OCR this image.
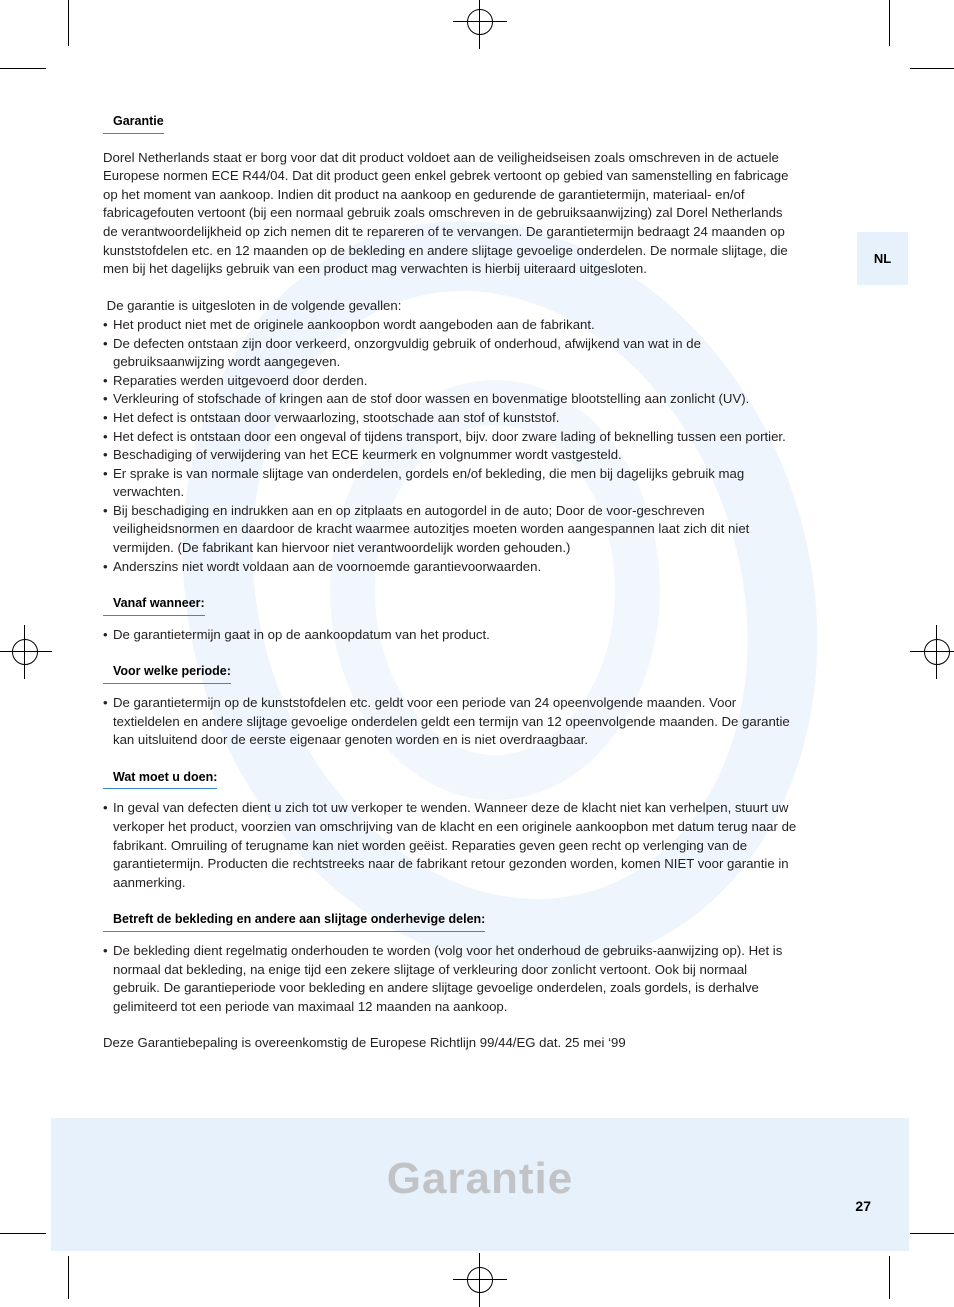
NL
Garantie
Dorel Netherlands staat er borg voor dat dit product voldoet aan de veiligheidseisen zoals omschreven in de actuele
Europese normen ECE R44/04. Dat dit product geen enkel gebrek vertoont op gebied van samenstelling en fabricage
op het moment van aankoop. Indien dit product na aankoop en gedurende de garantietermijn, materiaal- en/of
fabricagefouten vertoont (bij een normaal gebruik zoals omschreven in de gebruiksaanwijzing) zal Dorel Netherlands
de verantwoordelijkheid op zich nemen dit te repareren of te vervangen. De garantietermijn bedraagt 24 maanden op
kunststofdelen etc. en 12 maanden op de bekleding en andere slijtage gevoelige onderdelen. De normale slijtage, die
men bij het dagelijks gebruik van een product mag verwachten is hierbij uiteraard uitgesloten.
De garantie is uitgesloten in de volgende gevallen:
• Het product niet met de originele aankoopbon wordt aangeboden aan de fabrikant.
• De defecten ontstaan zijn door verkeerd, onzorgvuldig gebruik of onderhoud, afwijkend van wat in de
gebruiksaanwijzing wordt aangegeven.
• Reparaties werden uitgevoerd door derden.
• Verkleuring of stofschade of kringen aan de stof door wassen en bovenmatige blootstelling aan zonlicht (UV).
• Het defect is ontstaan door verwaarlozing, stootschade aan stof of kunststof.
• Het defect is ontstaan door een ongeval of tijdens transport, bijv. door zware lading of beknelling tussen een portier.
• Beschadiging of verwijdering van het ECE keurmerk en volgnummer wordt vastgesteld.
• Er sprake is van normale slijtage van onderdelen, gordels en/of bekleding, die men bij dagelijks gebruik mag
verwachten.
• Bij beschadiging en indrukken aan en op zitplaats en autogordel in de auto; Door de voor-geschreven
veiligheidsnormen en daardoor de kracht waarmee autozitjes moeten worden aangespannen laat zich dit niet
vermijden. (De fabrikant kan hiervoor niet verantwoordelijk worden gehouden.)
• Anderszins niet wordt voldaan aan de voornoemde garantievoorwaarden.
Vanaf wanneer:
• De garantietermijn gaat in op de aankoopdatum van het product.
Voor welke periode:
• De garantietermijn op de kunststofdelen etc. geldt voor een periode van 24 opeenvolgende maanden. Voor
textieldelen en andere slijtage gevoelige onderdelen geldt een termijn van 12 opeenvolgende maanden. De garantie
kan uitsluitend door de eerste eigenaar genoten worden en is niet overdraagbaar.
Wat moet u doen:
• In geval van defecten dient u zich tot uw verkoper te wenden. Wanneer deze de klacht niet kan verhelpen, stuurt uw
verkoper het product, voorzien van omschrijving van de klacht en een originele aankoopbon met datum terug naar de
fabrikant. Omruiling of terugname kan niet worden geëist. Reparaties geven geen recht op verlenging van de
garantietermijn. Producten die rechtstreeks naar de fabrikant retour gezonden worden, komen NIET voor garantie in
aanmerking.
Betreft de bekleding en andere aan slijtage onderhevige delen:
• De bekleding dient regelmatig onderhouden te worden (volg voor het onderhoud de gebruiks-aanwijzing op). Het is
normaal dat bekleding, na enige tijd een zekere slijtage of verkleuring door zonlicht vertoont. Ook bij normaal
gebruik. De garantieperiode voor bekleding en andere slijtage gevoelige onderdelen, zoals gordels, is derhalve
gelimiteerd tot een periode van maximaal 12 maanden na aankoop.
Deze Garantiebepaling is overeenkomstig de Europese Richtlijn 99/44/EG dat. 25 mei ‘99
Garantie
27
